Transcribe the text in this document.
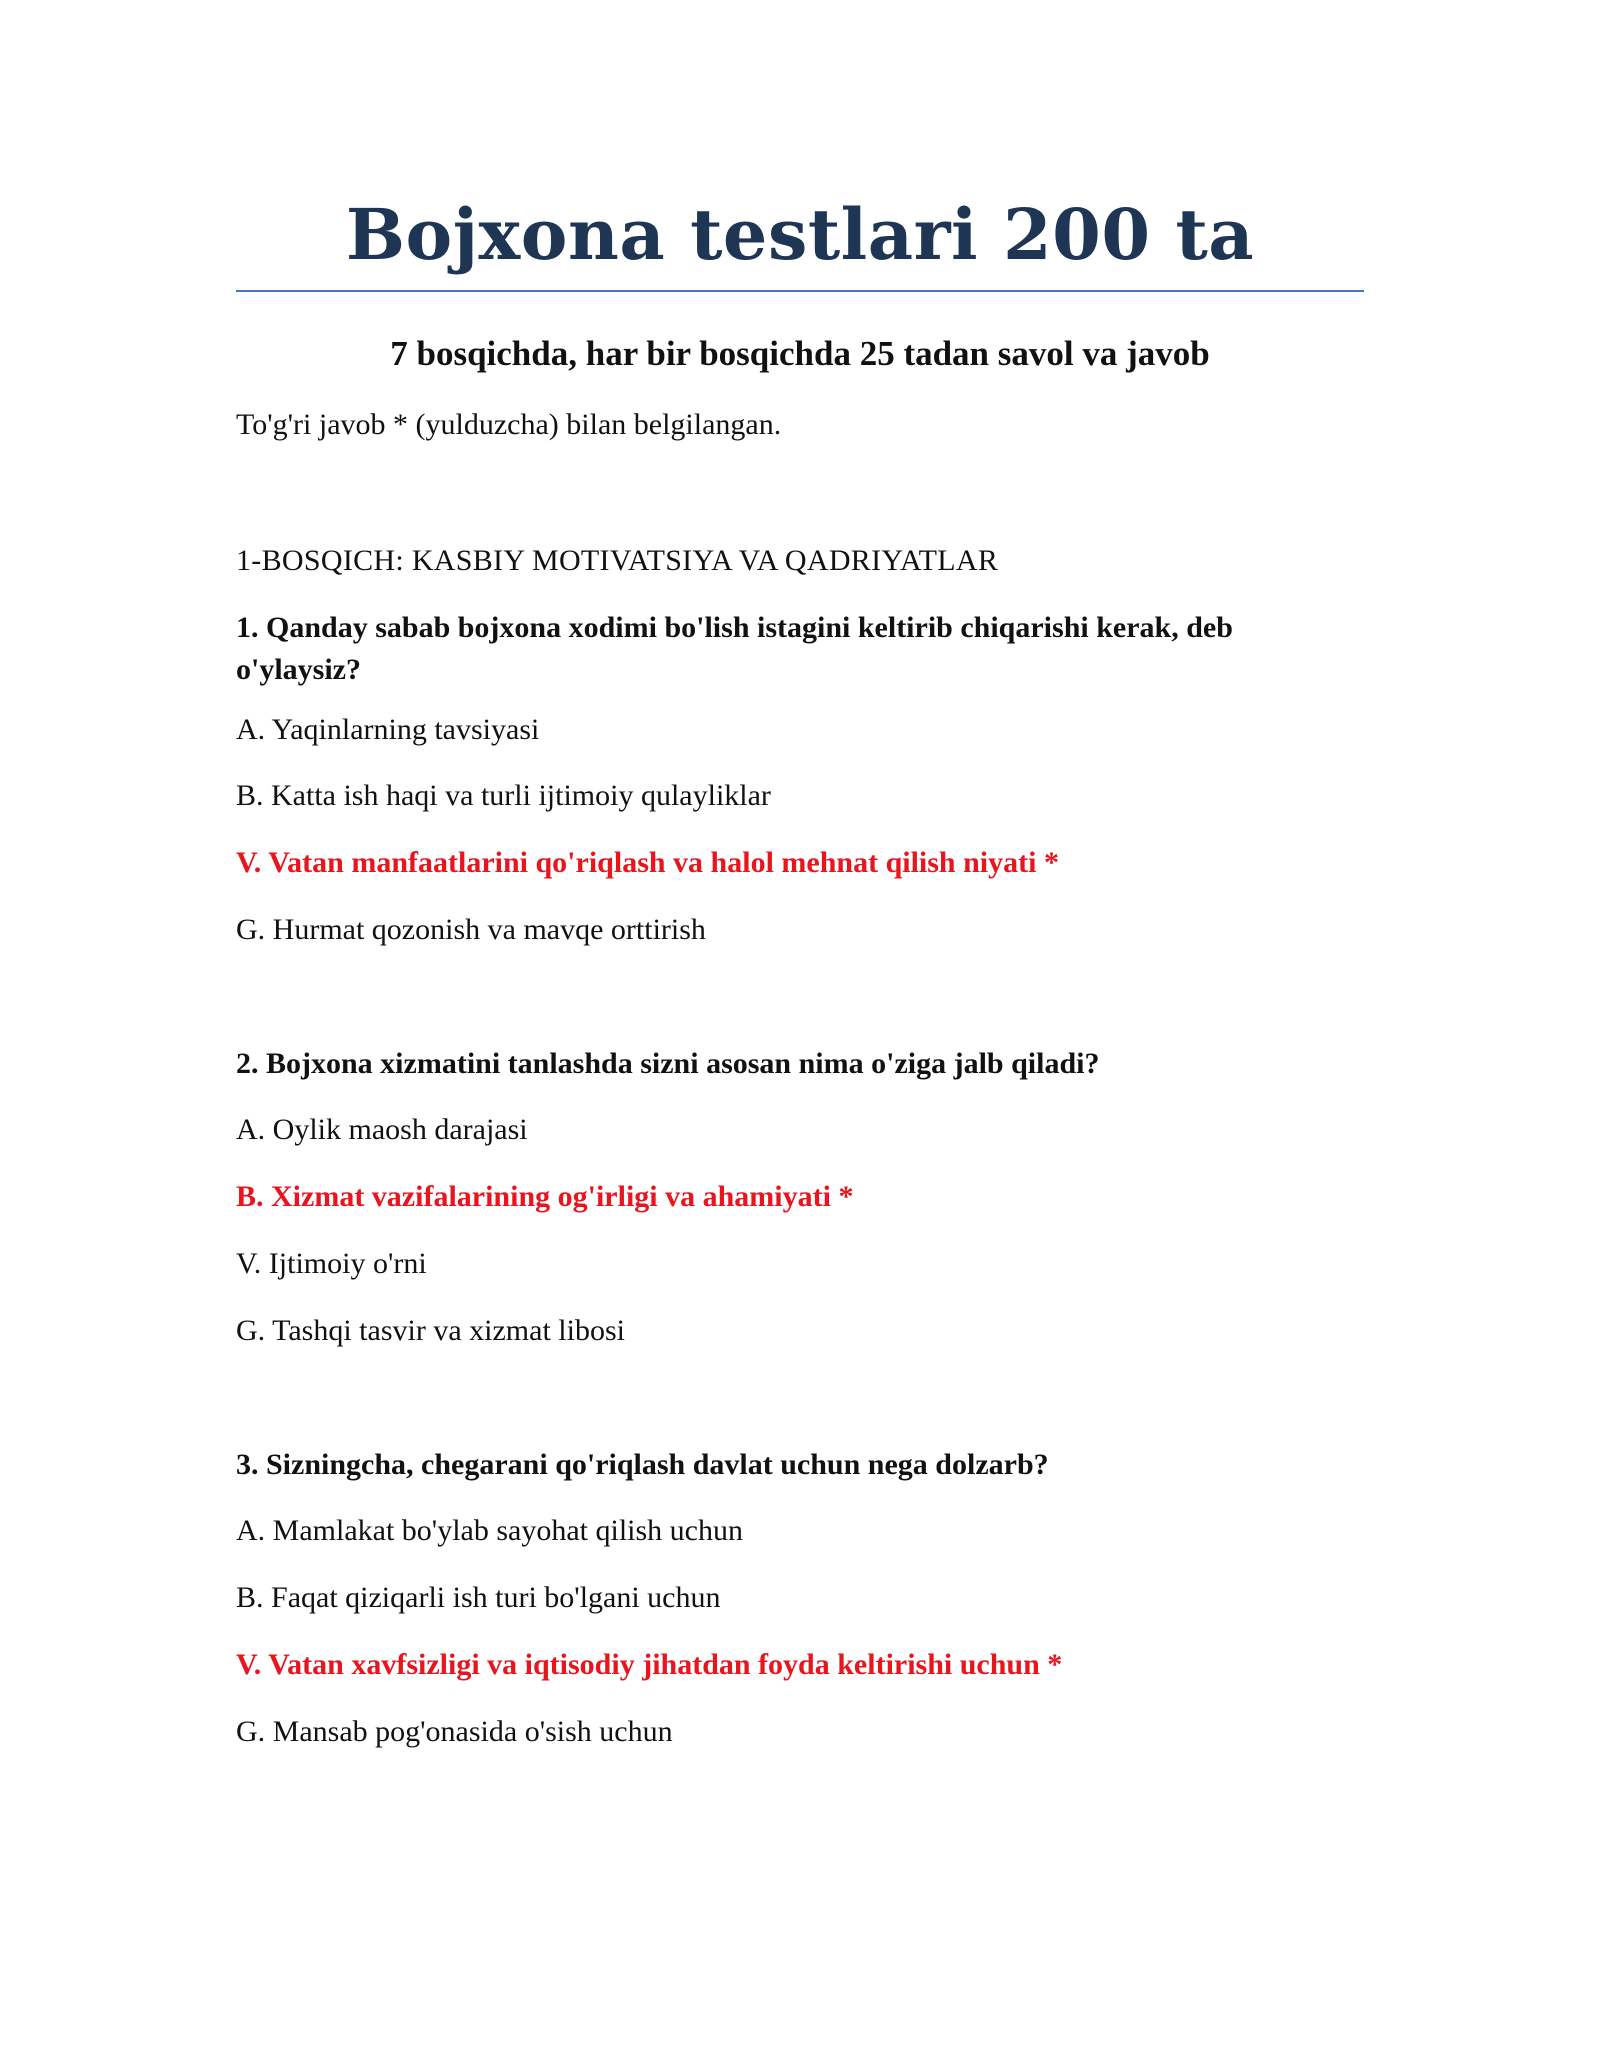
Bojxona testlari 200 ta
7 bosqichda, har bir bosqichda 25 tadan savol va javob

To'g'ri javob * (yulduzcha) bilan belgilangan.

1-BOSQICH: KASBIY MOTIVATSIYA VA QADRIYATLAR

1. Qanday sabab bojxona xodimi bo'lish istagini keltirib chiqarishi kerak, deb o'ylaysiz?

A. Yaqinlarning tavsiyasi

B. Katta ish haqi va turli ijtimoiy qulayliklar

V. Vatan manfaatlarini qo'riqlash va halol mehnat qilish niyati *

G. Hurmat qozonish va mavqe orttirish

2. Bojxona xizmatini tanlashda sizni asosan nima o'ziga jalb qiladi?

A. Oylik maosh darajasi

B. Xizmat vazifalarining og'irligi va ahamiyati *

V. Ijtimoiy o'rni

G. Tashqi tasvir va xizmat libosi

3. Sizningcha, chegarani qo'riqlash davlat uchun nega dolzarb?

A. Mamlakat bo'ylab sayohat qilish uchun

B. Faqat qiziqarli ish turi bo'lgani uchun

V. Vatan xavfsizligi va iqtisodiy jihatdan foyda keltirishi uchun *

G. Mansab pog'onasida o'sish uchun
